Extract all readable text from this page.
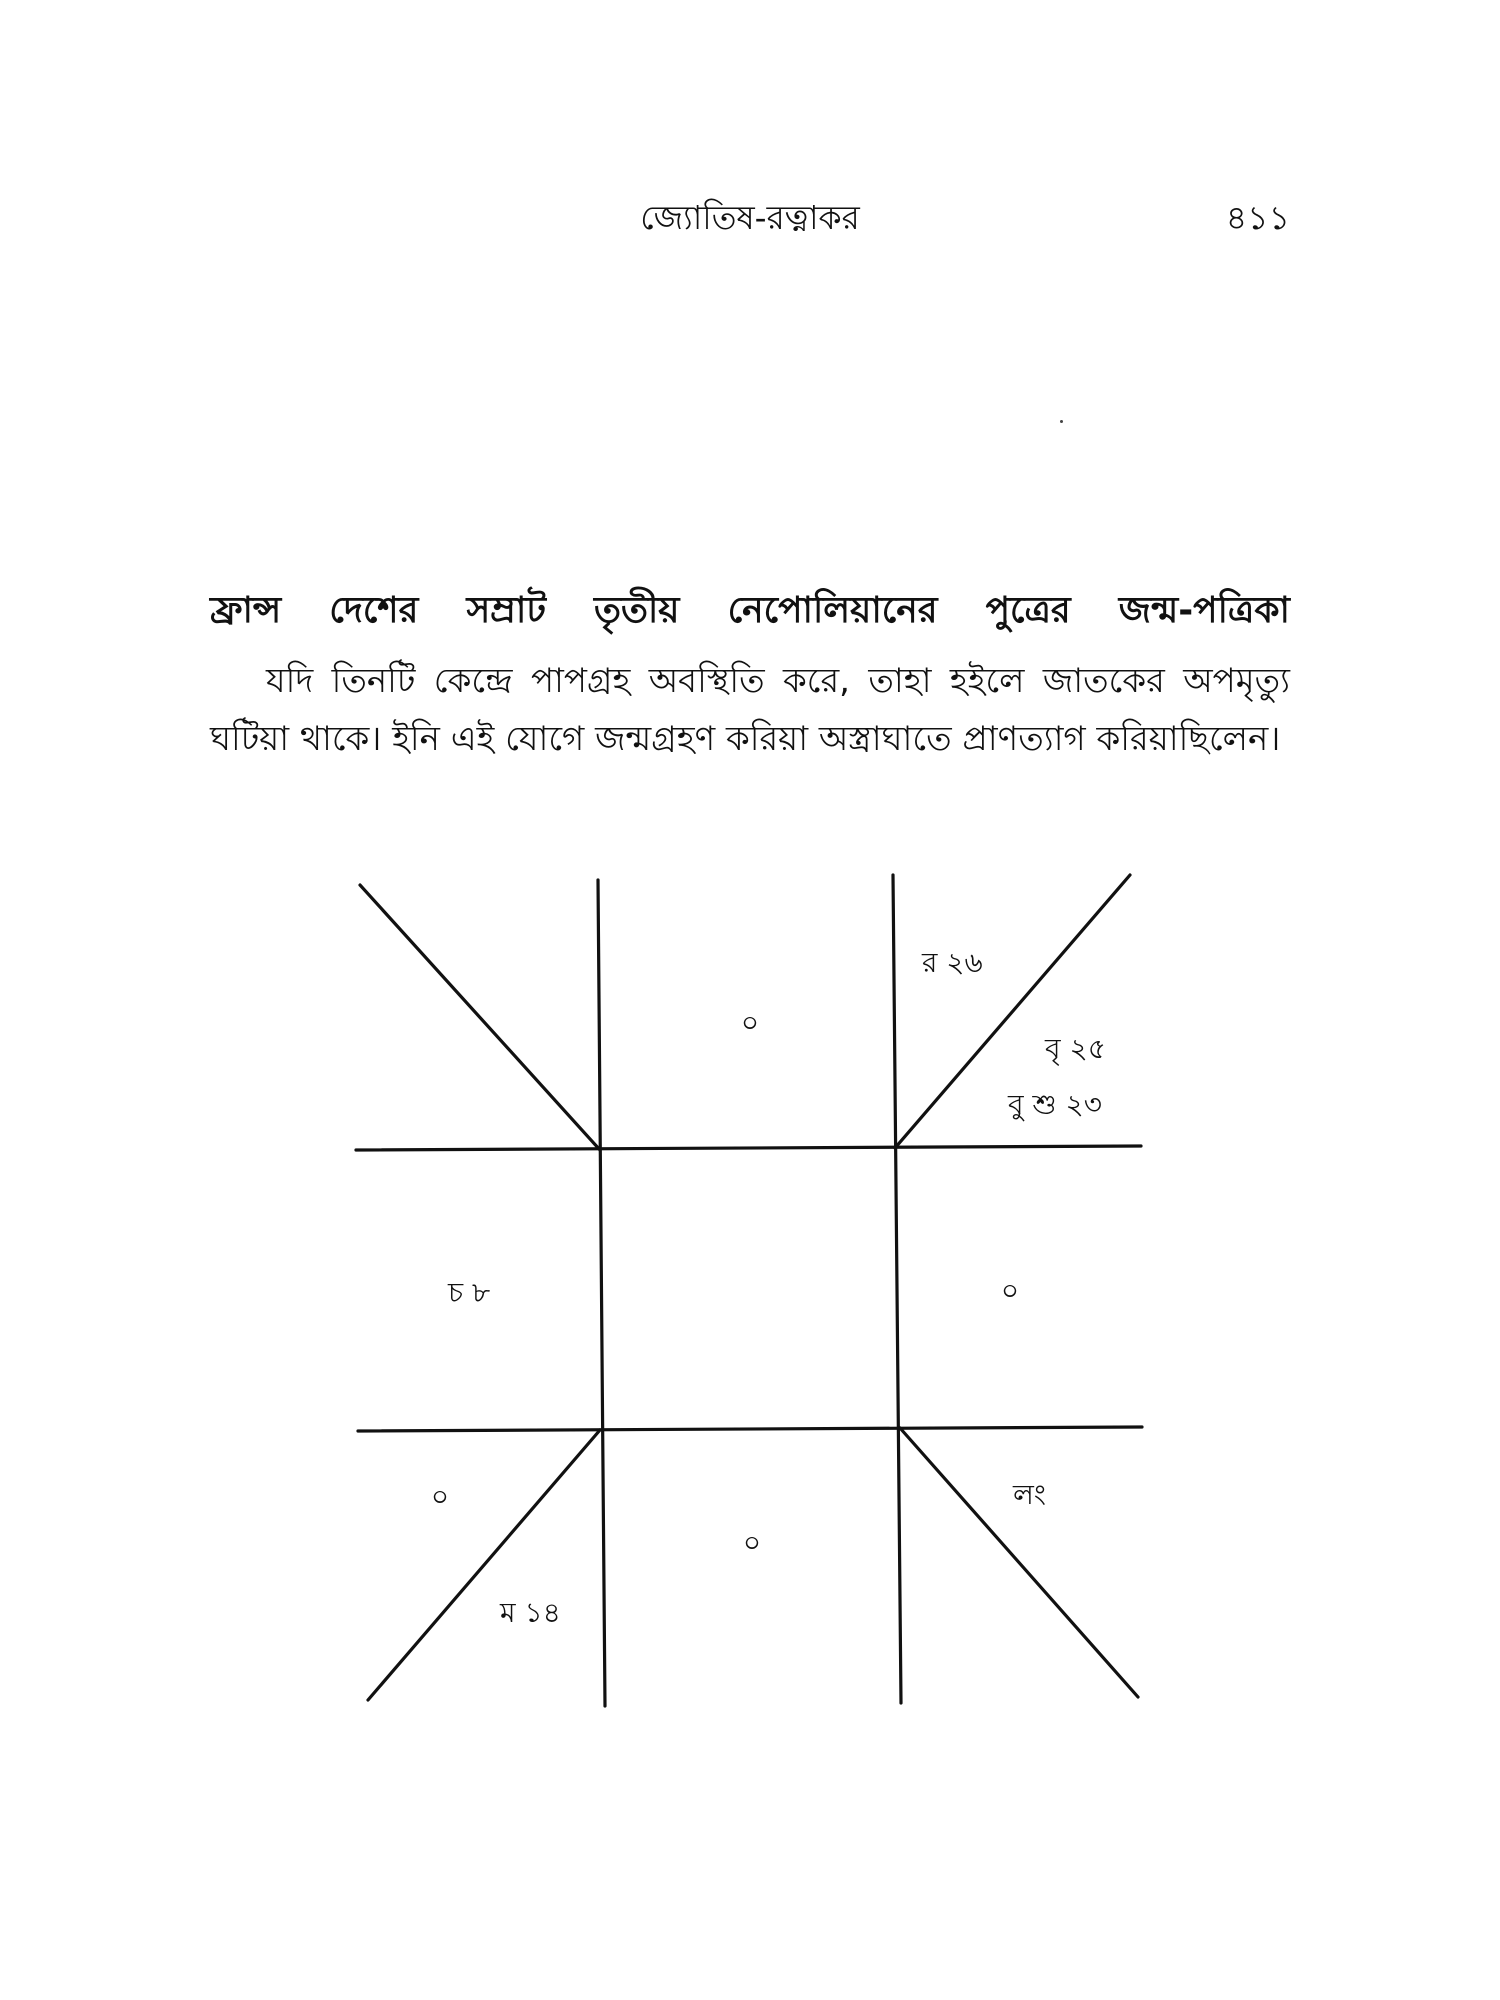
জ্যোতিষ-রত্নাকর	৪১১
ফ্রান্স দেশের সম্রাট তৃতীয় নেপোলিয়ানের পুত্রের জন্ম-পত্রিকা

যদি তিনটি কেন্দ্রে পাপগ্রহ অবস্থিতি করে, তাহা হইলে জাতকের অপমৃত্যু ঘটিয়া থাকে। ইনি এই যোগে জন্মগ্রহণ করিয়া অস্ত্রাঘাতে প্রাণত্যাগ করিয়াছিলেন।

০
র ২৬
বৃ ২৫
বু শু ২৩
চ ৮	০
০
ম ১৪
০
লং
